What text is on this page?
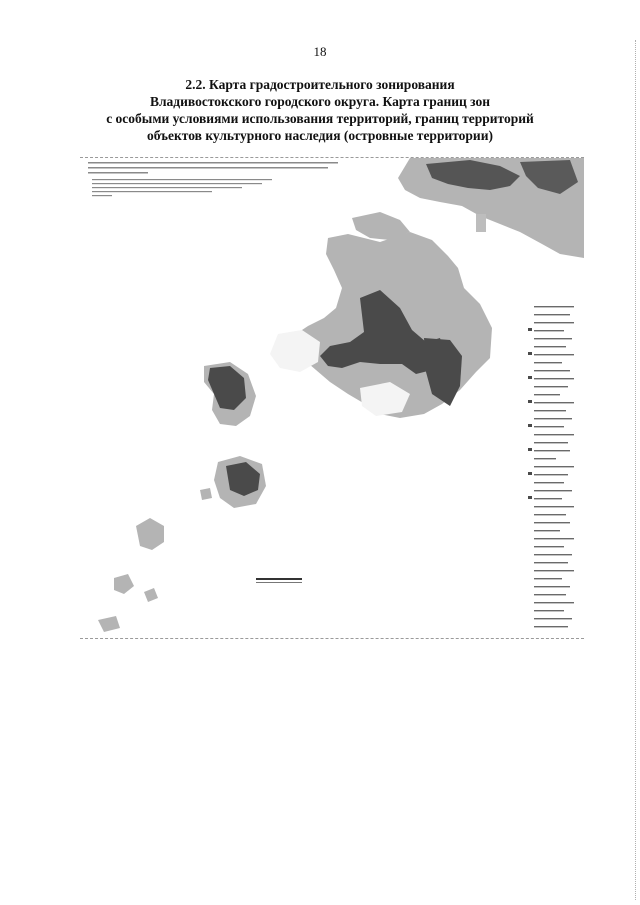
18
2.2. Карта градостроительного зонирования
Владивостокского городского округа. Карта границ зон
с особыми условиями использования территорий, границ территорий
объектов культурного наследия (островные территории)
